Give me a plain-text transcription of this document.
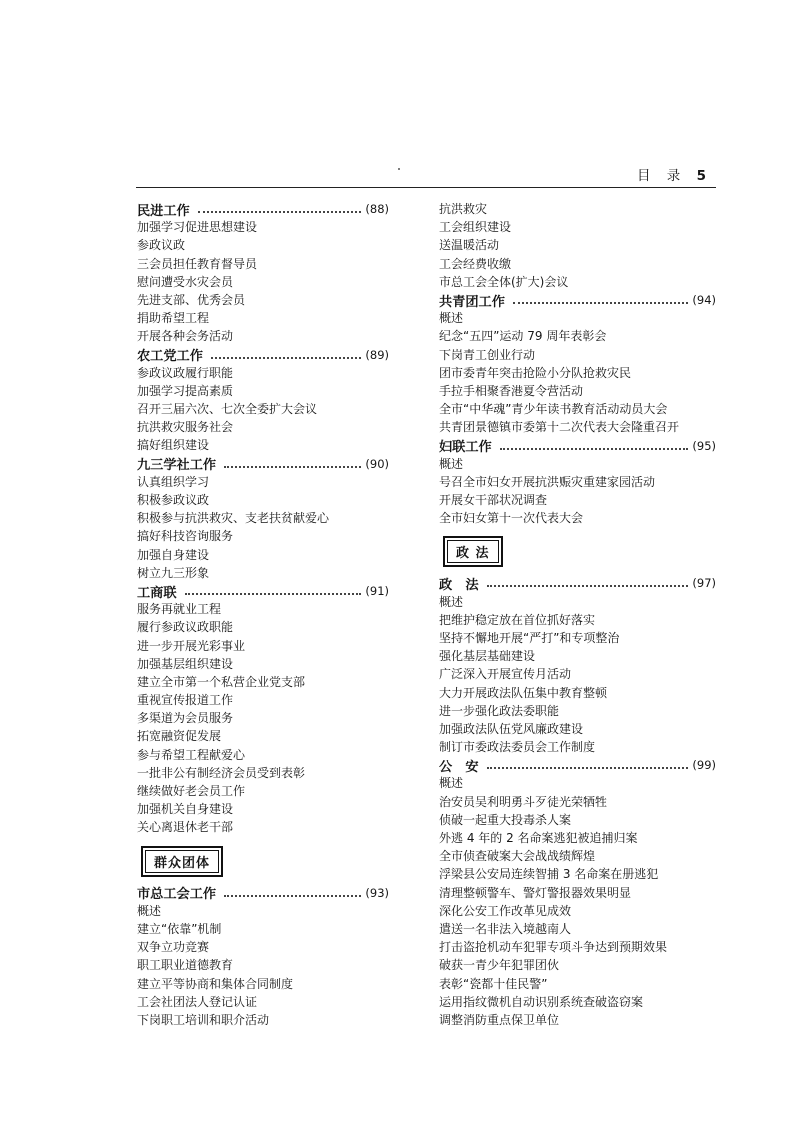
目 录 5
民进工作	(88)
加强学习促进思想建设
参政议政
三会员担任教育督导员
慰问遭受水灾会员
先进支部、优秀会员
捐助希望工程
开展各种会务活动
农工党工作	(89)
参政议政履行职能
加强学习提高素质
召开三届六次、七次全委扩大会议
抗洪救灾服务社会
搞好组织建设
九三学社工作	(90)
认真组织学习
积极参政议政
积极参与抗洪救灾、支老扶贫献爱心
搞好科技咨询服务
加强自身建设
树立九三形象
工商联	(91)
服务再就业工程
履行参政议政职能
进一步开展光彩事业
加强基层组织建设
建立全市第一个私营企业党支部
重视宣传报道工作
多渠道为会员服务
拓宽融资促发展
参与希望工程献爱心
一批非公有制经济会员受到表彰
继续做好老会员工作
加强机关自身建设
关心离退休老干部
群众团体
市总工会工作	(93)
概述
建立“依靠”机制
双争立功竞赛
职工职业道德教育
建立平等协商和集体合同制度
工会社团法人登记认证
下岗职工培训和职介活动
抗洪救灾
工会组织建设
送温暖活动
工会经费收缴
市总工会全体(扩大)会议
共青团工作	(94)
概述
纪念“五四”运动 79 周年表彰会
下岗青工创业行动
团市委青年突击抢险小分队抢救灾民
手拉手相聚香港夏令营活动
全市“中华魂”青少年读书教育活动动员大会
共青团景德镇市委第十二次代表大会隆重召开
妇联工作	(95)
概述
号召全市妇女开展抗洪赈灾重建家园活动
开展女干部状况调查
全市妇女第十一次代表大会
政 法
政　法	(97)
概述
把维护稳定放在首位抓好落实
坚持不懈地开展“严打”和专项整治
强化基层基础建设
广泛深入开展宣传月活动
大力开展政法队伍集中教育整顿
进一步强化政法委职能
加强政法队伍党风廉政建设
制订市委政法委员会工作制度
公　安	(99)
概述
治安员吴利明勇斗歹徒光荣牺牲
侦破一起重大投毒杀人案
外逃 4 年的 2 名命案逃犯被追捕归案
全市侦查破案大会战战绩辉煌
浮梁县公安局连续智捕 3 名命案在册逃犯
清理整顿警车、警灯警报器效果明显
深化公安工作改革见成效
遣送一名非法入境越南人
打击盗抢机动车犯罪专项斗争达到预期效果
破获一青少年犯罪团伙
表彰“瓷都十佳民警”
运用指纹微机自动识别系统查破盗窃案
调整消防重点保卫单位
